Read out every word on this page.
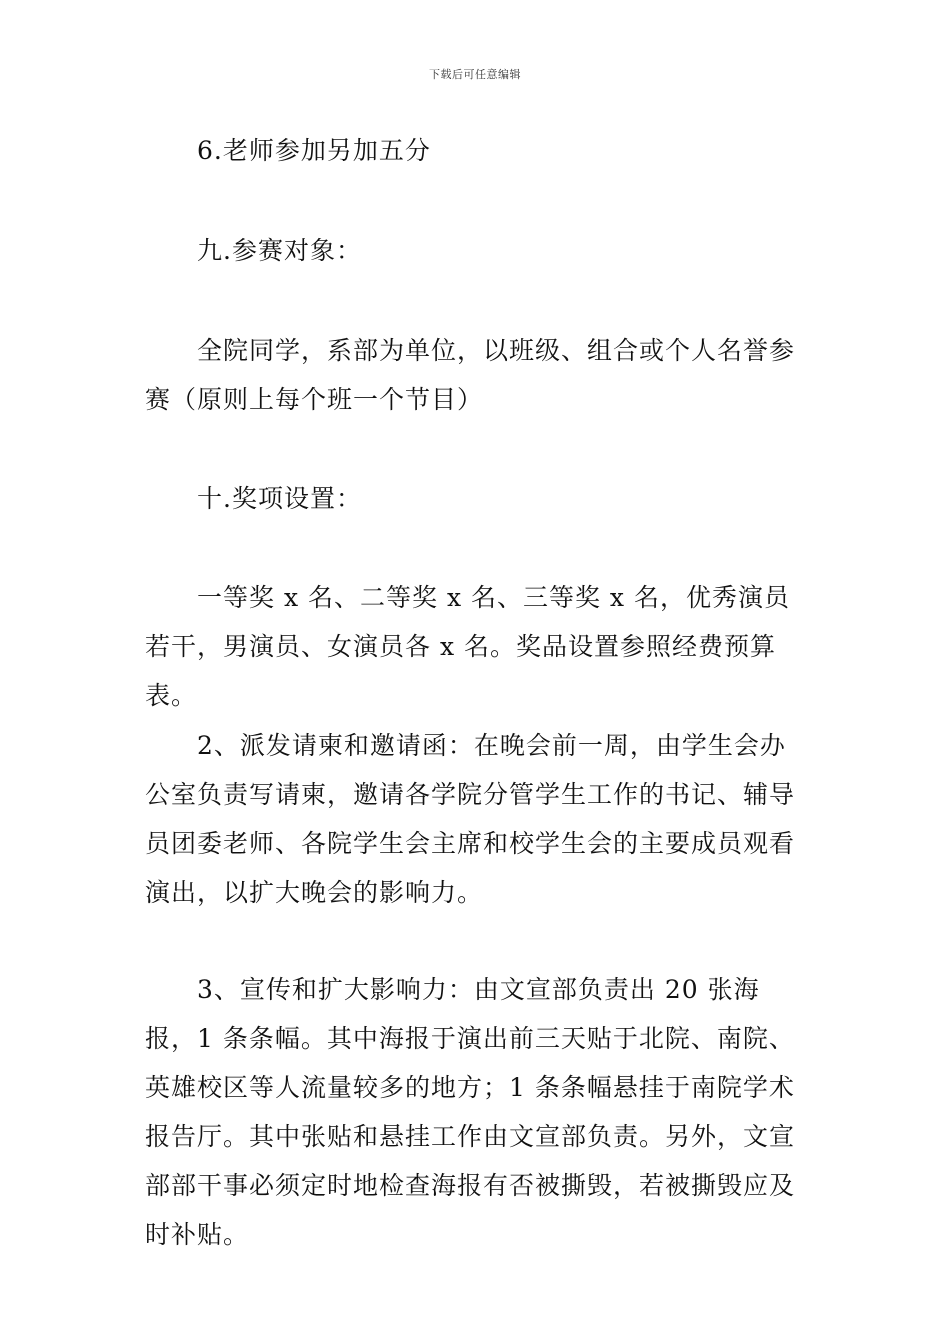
下载后可任意编辑

6.老师参加另加五分

九.参赛对象：

全院同学，系部为单位，以班级、组合或个人名誉参赛（原则上每个班一个节目）

十.奖项设置：

一等奖 x 名、二等奖 x 名、三等奖 x 名，优秀演员若干，男演员、女演员各 x 名。奖品设置参照经费预算表。

2、派发请柬和邀请函：在晚会前一周，由学生会办公室负责写请柬，邀请各学院分管学生工作的书记、辅导员团委老师、各院学生会主席和校学生会的主要成员观看演出，以扩大晚会的影响力。

3、宣传和扩大影响力：由文宣部负责出 20 张海报，1 条条幅。其中海报于演出前三天贴于北院、南院、英雄校区等人流量较多的地方；1 条条幅悬挂于南院学术报告厅。其中张贴和悬挂工作由文宣部负责。另外，文宣部部干事必须定时地检查海报有否被撕毁，若被撕毁应及时补贴。
